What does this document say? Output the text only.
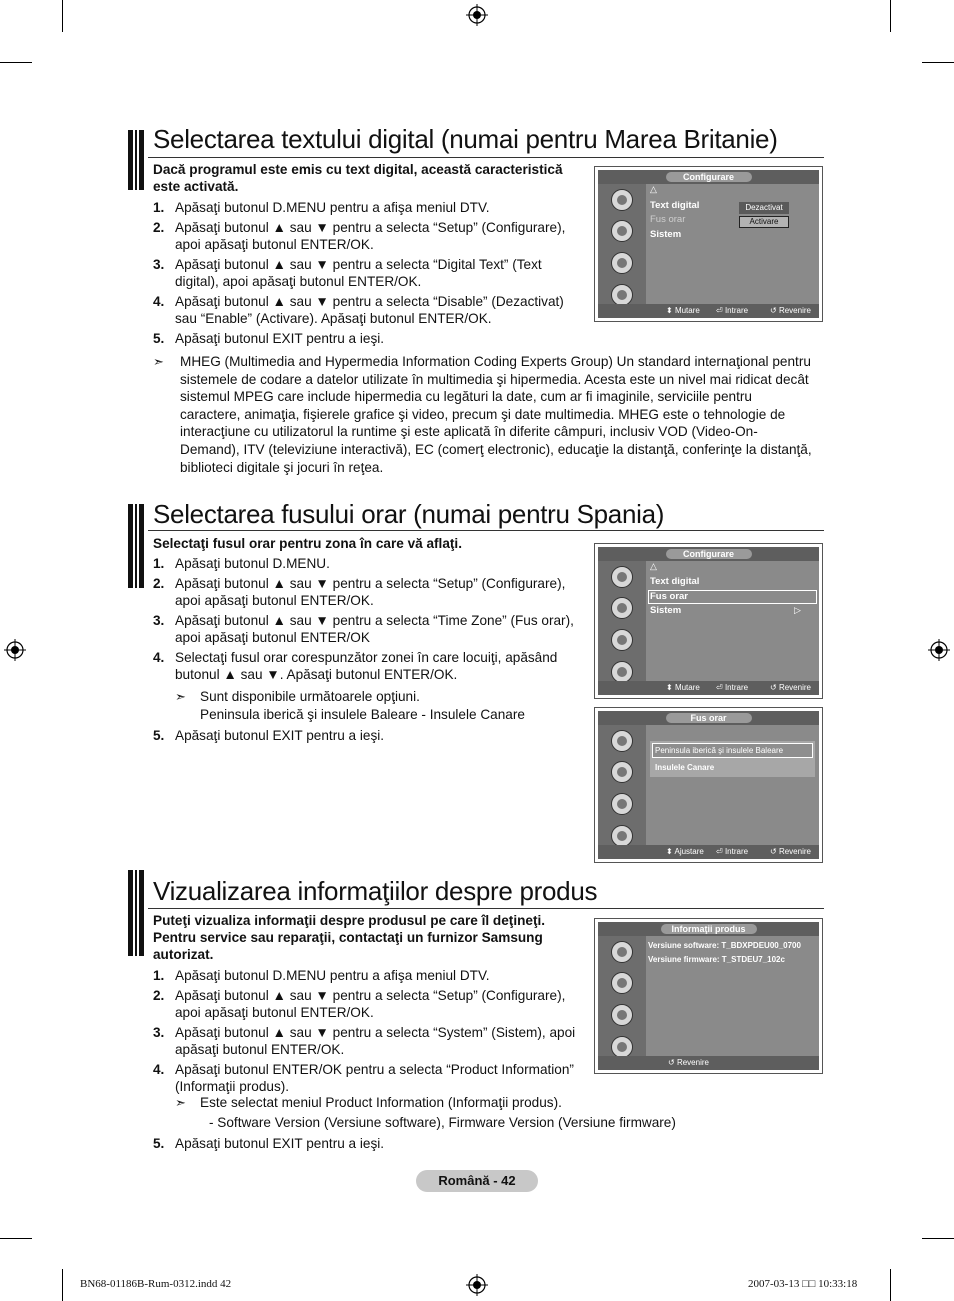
Selectarea textului digital (numai pentru Marea Britanie)
Dacă programul este emis cu text digital, această caracteristică este activată.
1. Apăsaţi butonul D.MENU pentru a afişa meniul DTV.
2. Apăsaţi butonul ▲ sau ▼ pentru a selecta “Setup” (Configurare), apoi apăsaţi butonul ENTER/OK.
3. Apăsaţi butonul ▲ sau ▼ pentru a selecta “Digital Text” (Text digital), apoi apăsaţi butonul ENTER/OK.
4. Apăsaţi butonul ▲ sau ▼ pentru a selecta “Disable” (Dezactivat) sau “Enable” (Activare). Apăsaţi butonul ENTER/OK.
5. Apăsaţi butonul EXIT pentru a ieşi.
➣ MHEG (Multimedia and Hypermedia Information Coding Experts Group) Un standard internaţional pentru sistemele de codare a datelor utilizate în multimedia şi hipermedia. Acesta este un nivel mai ridicat decât sistemul MPEG care include hipermedia cu legături la date, cum ar fi imaginile, serviciile pentru caractere, animaţia, fişierele grafice şi video, precum şi date multimedia. MHEG este o tehnologie de interacţiune cu utilizatorul la runtime şi este aplicată în diferite câmpuri, inclusiv VOD (Video-On-Demand), ITV (televiziune interactivă), EC (comerţ electronic), educaţie la distanţă, conferinţe la distanţă, biblioteci digitale şi jocuri în reţea.
Configurare
△
Text digital
Fus orar
Sistem
Dezactivat
Activare
⬍ Mutare ⏎ Intrare	↺ Revenire
Selectarea fusului orar (numai pentru Spania)
Selectaţi fusul orar pentru zona în care vă aflaţi.
1. Apăsaţi butonul D.MENU.
2. Apăsaţi butonul ▲ sau ▼ pentru a selecta “Setup” (Configurare), apoi apăsaţi butonul ENTER/OK.
3. Apăsaţi butonul ▲ sau ▼ pentru a selecta “Time Zone” (Fus orar), apoi apăsaţi butonul ENTER/OK
4. Selectaţi fusul orar corespunzător zonei în care locuiţi, apăsând butonul ▲ sau ▼. Apăsaţi butonul ENTER/OK.
➣ Sunt disponibile următoarele opţiuni.
Peninsula iberică şi insulele Baleare - Insulele Canare
5. Apăsaţi butonul EXIT pentru a ieşi.
Configurare
△
Text digital
Fus orar
Sistem	▷
⬍ Mutare ⏎ Intrare	↺ Revenire
Fus orar
Peninsula iberică şi insulele Baleare
Insulele Canare
⬍ Ajustare ⏎ Intrare	↺ Revenire
Vizualizarea informaţiilor despre produs
Puteţi vizualiza informaţii despre produsul pe care îl deţineţi. Pentru service sau reparaţii, contactaţi un furnizor Samsung autorizat.
1. Apăsaţi butonul D.MENU pentru a afişa meniul DTV.
2. Apăsaţi butonul ▲ sau ▼ pentru a selecta “Setup” (Configurare), apoi apăsaţi butonul ENTER/OK.
3. Apăsaţi butonul ▲ sau ▼ pentru a selecta “System” (Sistem), apoi apăsaţi butonul ENTER/OK.
4. Apăsaţi butonul ENTER/OK pentru a selecta “Product Information” (Informaţii produs).
➣ Este selectat meniul Product Information (Informaţii produs).
- Software Version (Versiune software), Firmware Version (Versiune firmware)
5. Apăsaţi butonul EXIT pentru a ieşi.
Informaţii produs
Versiune software: T_BDXPDEU00_0700
Versiune firmware: T_STDEU7_102c
↺ Revenire
Română - 42
BN68-01186B-Rum-0312.indd 42	2007-03-13 □□ 10:33:18
